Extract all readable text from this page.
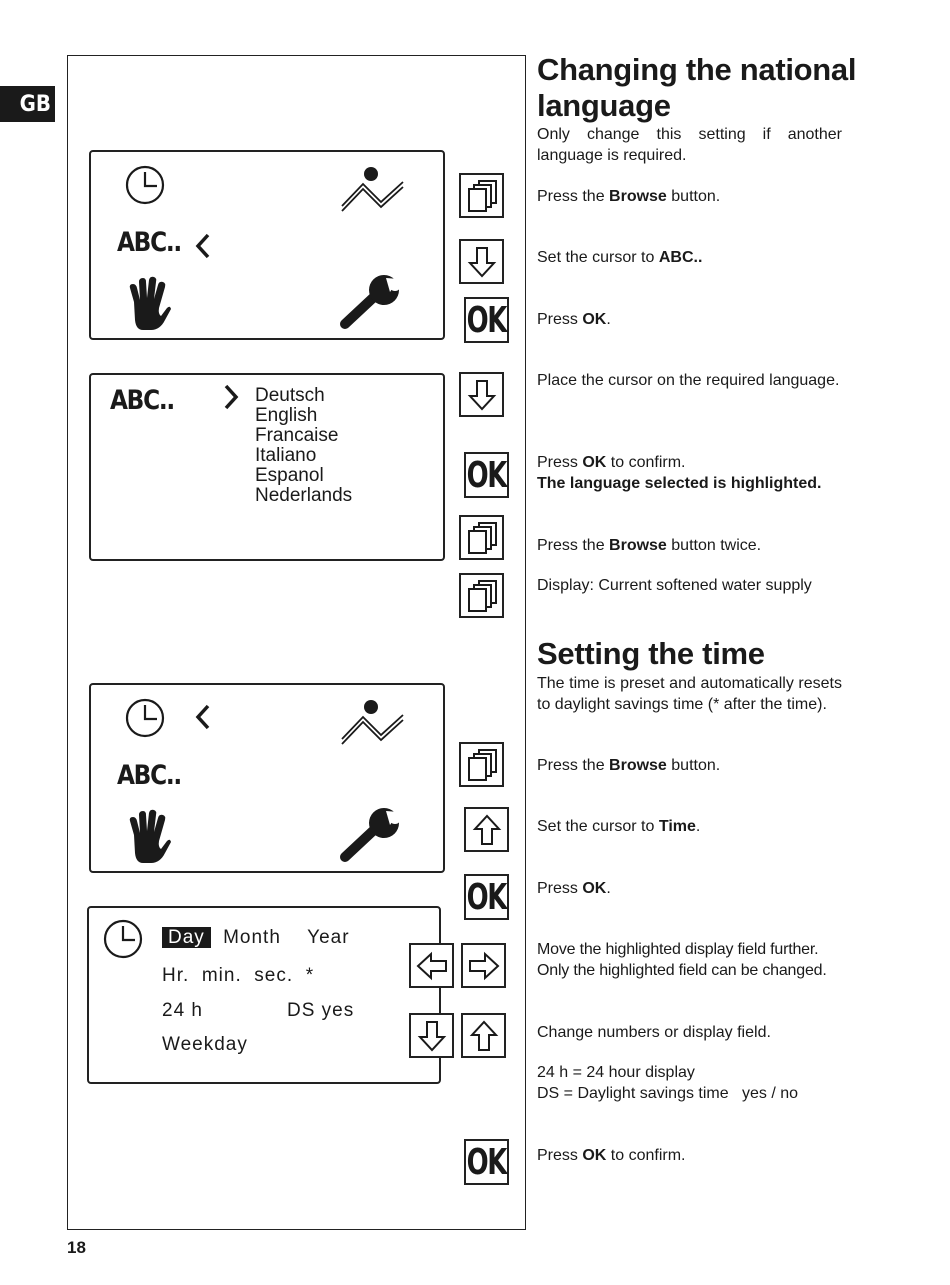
GB
ABC..
ABC..	Deutsch
English
Francaise
Italiano
Espanol
Nederlands
ABC..
Day Month Year
Hr.  min.  sec.  *
24 h	DS yes
Weekday
OK
OK
OK
OK
Changing the national language
Only change this setting if another language is required.
Press the Browse button.
Set the cursor to ABC..
Press OK.
Place the cursor on the required language.
Press OK to confirm.
The language selected is highlighted.
Press the Browse button twice.
Display: Current softened water supply
Setting the time
The time is preset and automatically resets to daylight savings time (* after the time).
Press the Browse button.
Set the cursor to Time.
Press OK.
Move the highlighted display field further.
Only the highlighted field can be changed.
Change numbers or display field.
24 h = 24 hour display
DS = Daylight savings time   yes / no
Press OK to confirm.
18
